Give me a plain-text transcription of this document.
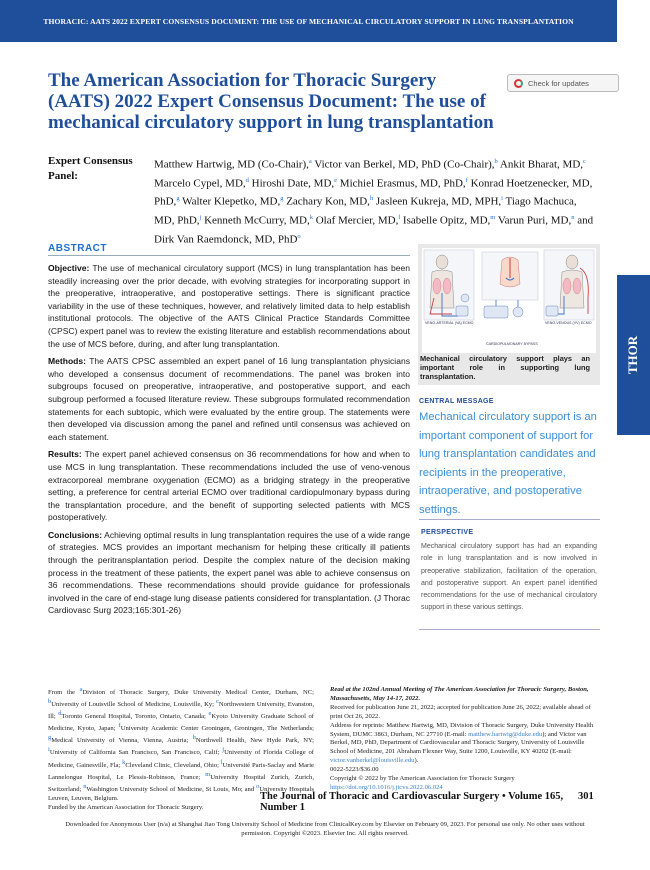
THORACIC: AATS 2022 EXPERT CONSENSUS DOCUMENT: THE USE OF MECHANICAL CIRCULATORY SUPPORT IN LUNG TRANSPLANTATION
THOR
The American Association for Thoracic Surgery (AATS) 2022 Expert Consensus Document: The use of mechanical circulatory support in lung transplantation
Check for updates
Expert Consensus Panel:
Matthew Hartwig, MD (Co-Chair),$^a$ Victor van Berkel, MD, PhD (Co-Chair),$^b$ Ankit Bharat, MD,$^c$ Marcelo Cypel, MD,$^d$ Hiroshi Date, MD,$^e$ Michiel Erasmus, MD, PhD,$^f$ Konrad Hoetzenecker, MD, PhD,$^g$ Walter Klepetko, MD,$^g$ Zachary Kon, MD,$^h$ Jasleen Kukreja, MD, MPH,$^i$ Tiago Machuca, MD, PhD,$^j$ Kenneth McCurry, MD,$^k$ Olaf Mercier, MD,$^l$ Isabelle Opitz, MD,$^m$ Varun Puri, MD,$^n$ and Dirk Van Raemdonck, MD, PhD$^o$
ABSTRACT

Objective: The use of mechanical circulatory support (MCS) in lung transplantation has been steadily increasing over the prior decade, with evolving strategies for incorporating support in the preoperative, intraoperative, and postoperative settings. There is significant practice variability in the use of these techniques, however, and relatively limited data to help establish institutional protocols. The objective of the AATS Clinical Practice Standards Committee (CPSC) expert panel was to review the existing literature and establish recommendations about the use of MCS before, during, and after lung transplantation.

Methods: The AATS CPSC assembled an expert panel of 16 lung transplantation physicians who developed a consensus document of recommendations. The panel was broken into subgroups focused on preoperative, intraoperative, and postoperative support, and each subgroup performed a focused literature review. These subgroups formulated recommendation statements for each subtopic, which were evaluated by the entire group. The statements were then developed via discussion among the panel and refined until consensus was achieved on each statement.

Results: The expert panel achieved consensus on 36 recommendations for how and when to use MCS in lung transplantation. These recommendations included the use of veno-venous extracorporeal membrane oxygenation (ECMO) as a bridging strategy in the preoperative setting, a preference for central arterial ECMO over traditional cardiopulmonary bypass during the transplantation procedure, and the benefit of supporting selected patients with MCS postoperatively.

Conclusions: Achieving optimal results in lung transplantation requires the use of a wide range of strategies. MCS provides an important mechanism for helping these critically ill patients through the peritransplantation period. Despite the complex nature of the decision making process in the treatment of these patients, the expert panel was able to achieve consensus on 36 recommendations. These recommendations should provide guidance for professionals involved in the care of end-stage lung disease patients considered for transplantation. (J Thorac Cardiovasc Surg 2023;165:301-26)

VENO-ARTERIAL (VA) ECMO
CARDIOPULMONARY BYPASS
VENO-VENOUS (VV) ECMO
Mechanical circulatory support plays an important role in supporting lung transplantation.
CENTRAL MESSAGE
Mechanical circulatory support is an important component of support for lung transplantation candidates and recipients in the preoperative, intraoperative, and postoperative settings.
PERSPECTIVE
Mechanical circulatory support has had an expanding role in lung transplantation and is now involved in preoperative stabilization, facilitation of the operation, and postoperative support. An expert panel identified recommendations for the use of mechanical circulatory support in these various settings.

From the $^a$Division of Thoracic Surgery, Duke University Medical Center, Durham, NC; $^b$University of Louisville School of Medicine, Louisville, Ky; $^c$Northwestern University, Evanston, Ill; $^d$Toronto General Hospital, Toronto, Ontario, Canada; $^e$Kyoto University Graduate School of Medicine, Kyoto, Japan; $^f$University Academic Center Groningen, Groningen, The Netherlands; $^g$Medical University of Vienna, Vienna, Austria; $^h$Northwell Health, New Hyde Park, NY; $^i$University of California San Francisco, San Francisco, Calif; $^j$University of Florida College of Medicine, Gainesville, Fla; $^k$Cleveland Clinic, Cleveland, Ohio; $^l$Université Paris-Saclay and Marie Lannelongue Hospital, Le Plessis-Robinson, France; $^m$University Hospital Zurich, Zurich, Switzerland; $^n$Washington University School of Medicine, St Louis, Mo; and $^o$University Hospitals Leuven, Leuven, Belgium.

Funded by the American Association for Thoracic Surgery.

Read at the 102nd Annual Meeting of The American Association for Thoracic Surgery, Boston, Massachusetts, May 14-17, 2022.

Received for publication June 21, 2022; accepted for publication June 26, 2022; available ahead of print Oct 26, 2022.

Address for reprints: Matthew Hartwig, MD, Division of Thoracic Surgery, Duke University Health System, DUMC 3863, Durham, NC 27710 (E-mail: matthew.hartwig@duke.edu); and Victor van Berkel, MD, PhD, Department of Cardiovascular and Thoracic Surgery, University of Louisville School of Medicine, 201 Abraham Flexner Way, Suite 1200, Louisville, KY 40202 (E-mail: victor.vanberkel@louisville.edu).

0022-5223/$36.00

Copyright © 2022 by The American Association for Thoracic Surgery

https://doi.org/10.1016/j.jtcvs.2022.06.024

The Journal of Thoracic and Cardiovascular Surgery • Volume 165, Number 1
301
Downloaded for Anonymous User (n/a) at Shanghai Jiao Tong University School of Medicine from ClinicalKey.com by Elsevier on February 09, 2023. For personal use only. No other uses without permission. Copyright ©2023. Elsevier Inc. All rights reserved.
